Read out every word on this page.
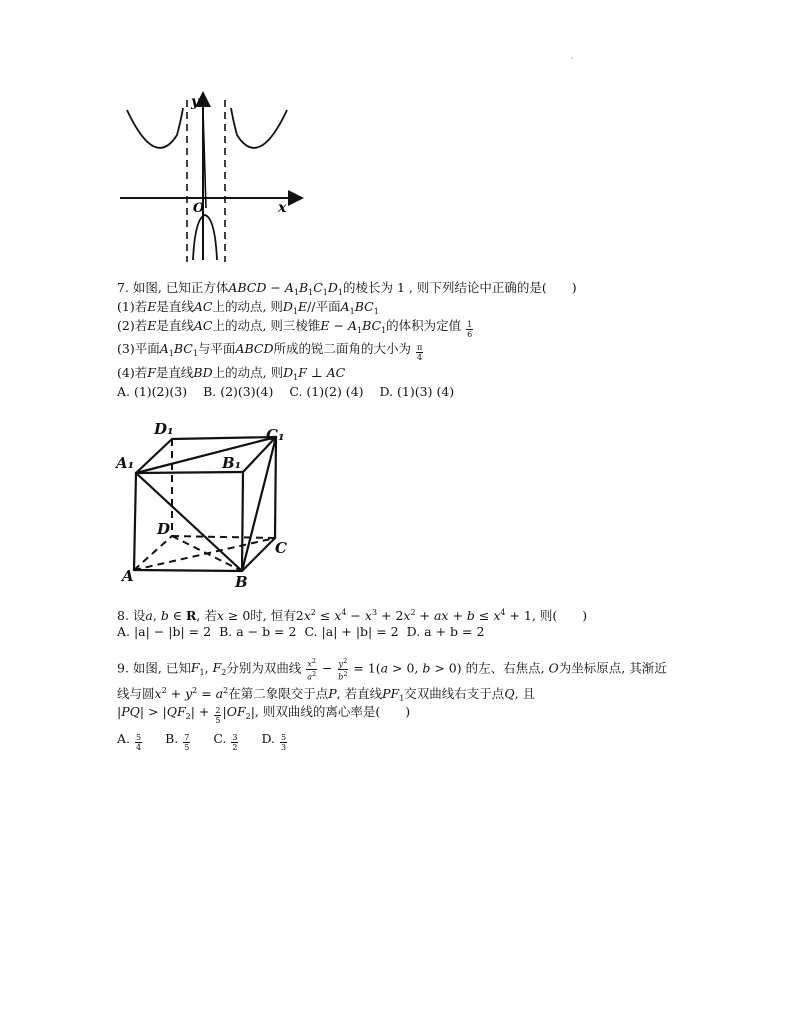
·
y
O	x
7. 如图, 已知正方体ABCD − $A_1B_1C_1D_1$的棱长为 1 , 则下列结论中正确的是(　　)
(1)若E是直线AC上的动点, 则$D_1E//$平面$A_1BC_1$
(2)若E是直线AC上的动点, 则三棱锥$E - A_1BC_1$的体积为定值 $\frac{1}{6}$
(3)平面$A_1BC_1$与平面ABCD所成的锐二面角的大小为 $\frac{\pi}{4}$
(4)若F是直线BD上的动点, 则$D_1F$ ⊥ AC
A. (1)(2)(3) B. (2)(3)(4) C. (1)(2) (4) D. (1)(3) (4)
D₁	C₁
A₁	B₁
D
C
A	B
8. 设a, b ∈ R, 若x ≥ 0时, 恒有$2x^2 \le x^4 - x^3 + 2x^2$ + ax + $b \le x^4 + 1$, 则(　　)
A. |a| − |b| = 2 B. a − b = 2 C. |a| + |b| = 2 D. a + b = 2
9. 如图, 已知$F_1$, $F_2$分别为双曲线 $\frac{x^2}{a^2} - \frac{y^2}{b^2} = 1(a > 0$, b > 0) 的左、右焦点, O为坐标原点, 其渐近
线与圆$x^2 + y^2 = a^2$在第二象限交于点P, 若直线$PF_1$交双曲线右支于点Q, 且
$|PQ| > |QF_2| + \frac{2}{5} |OF_2|$, 则双曲线的离心率是(　　)
A. $\frac{5}{4} B$. $\frac{7}{5} C$. $\frac{3}{2} D$. $\frac{5}{3}$
